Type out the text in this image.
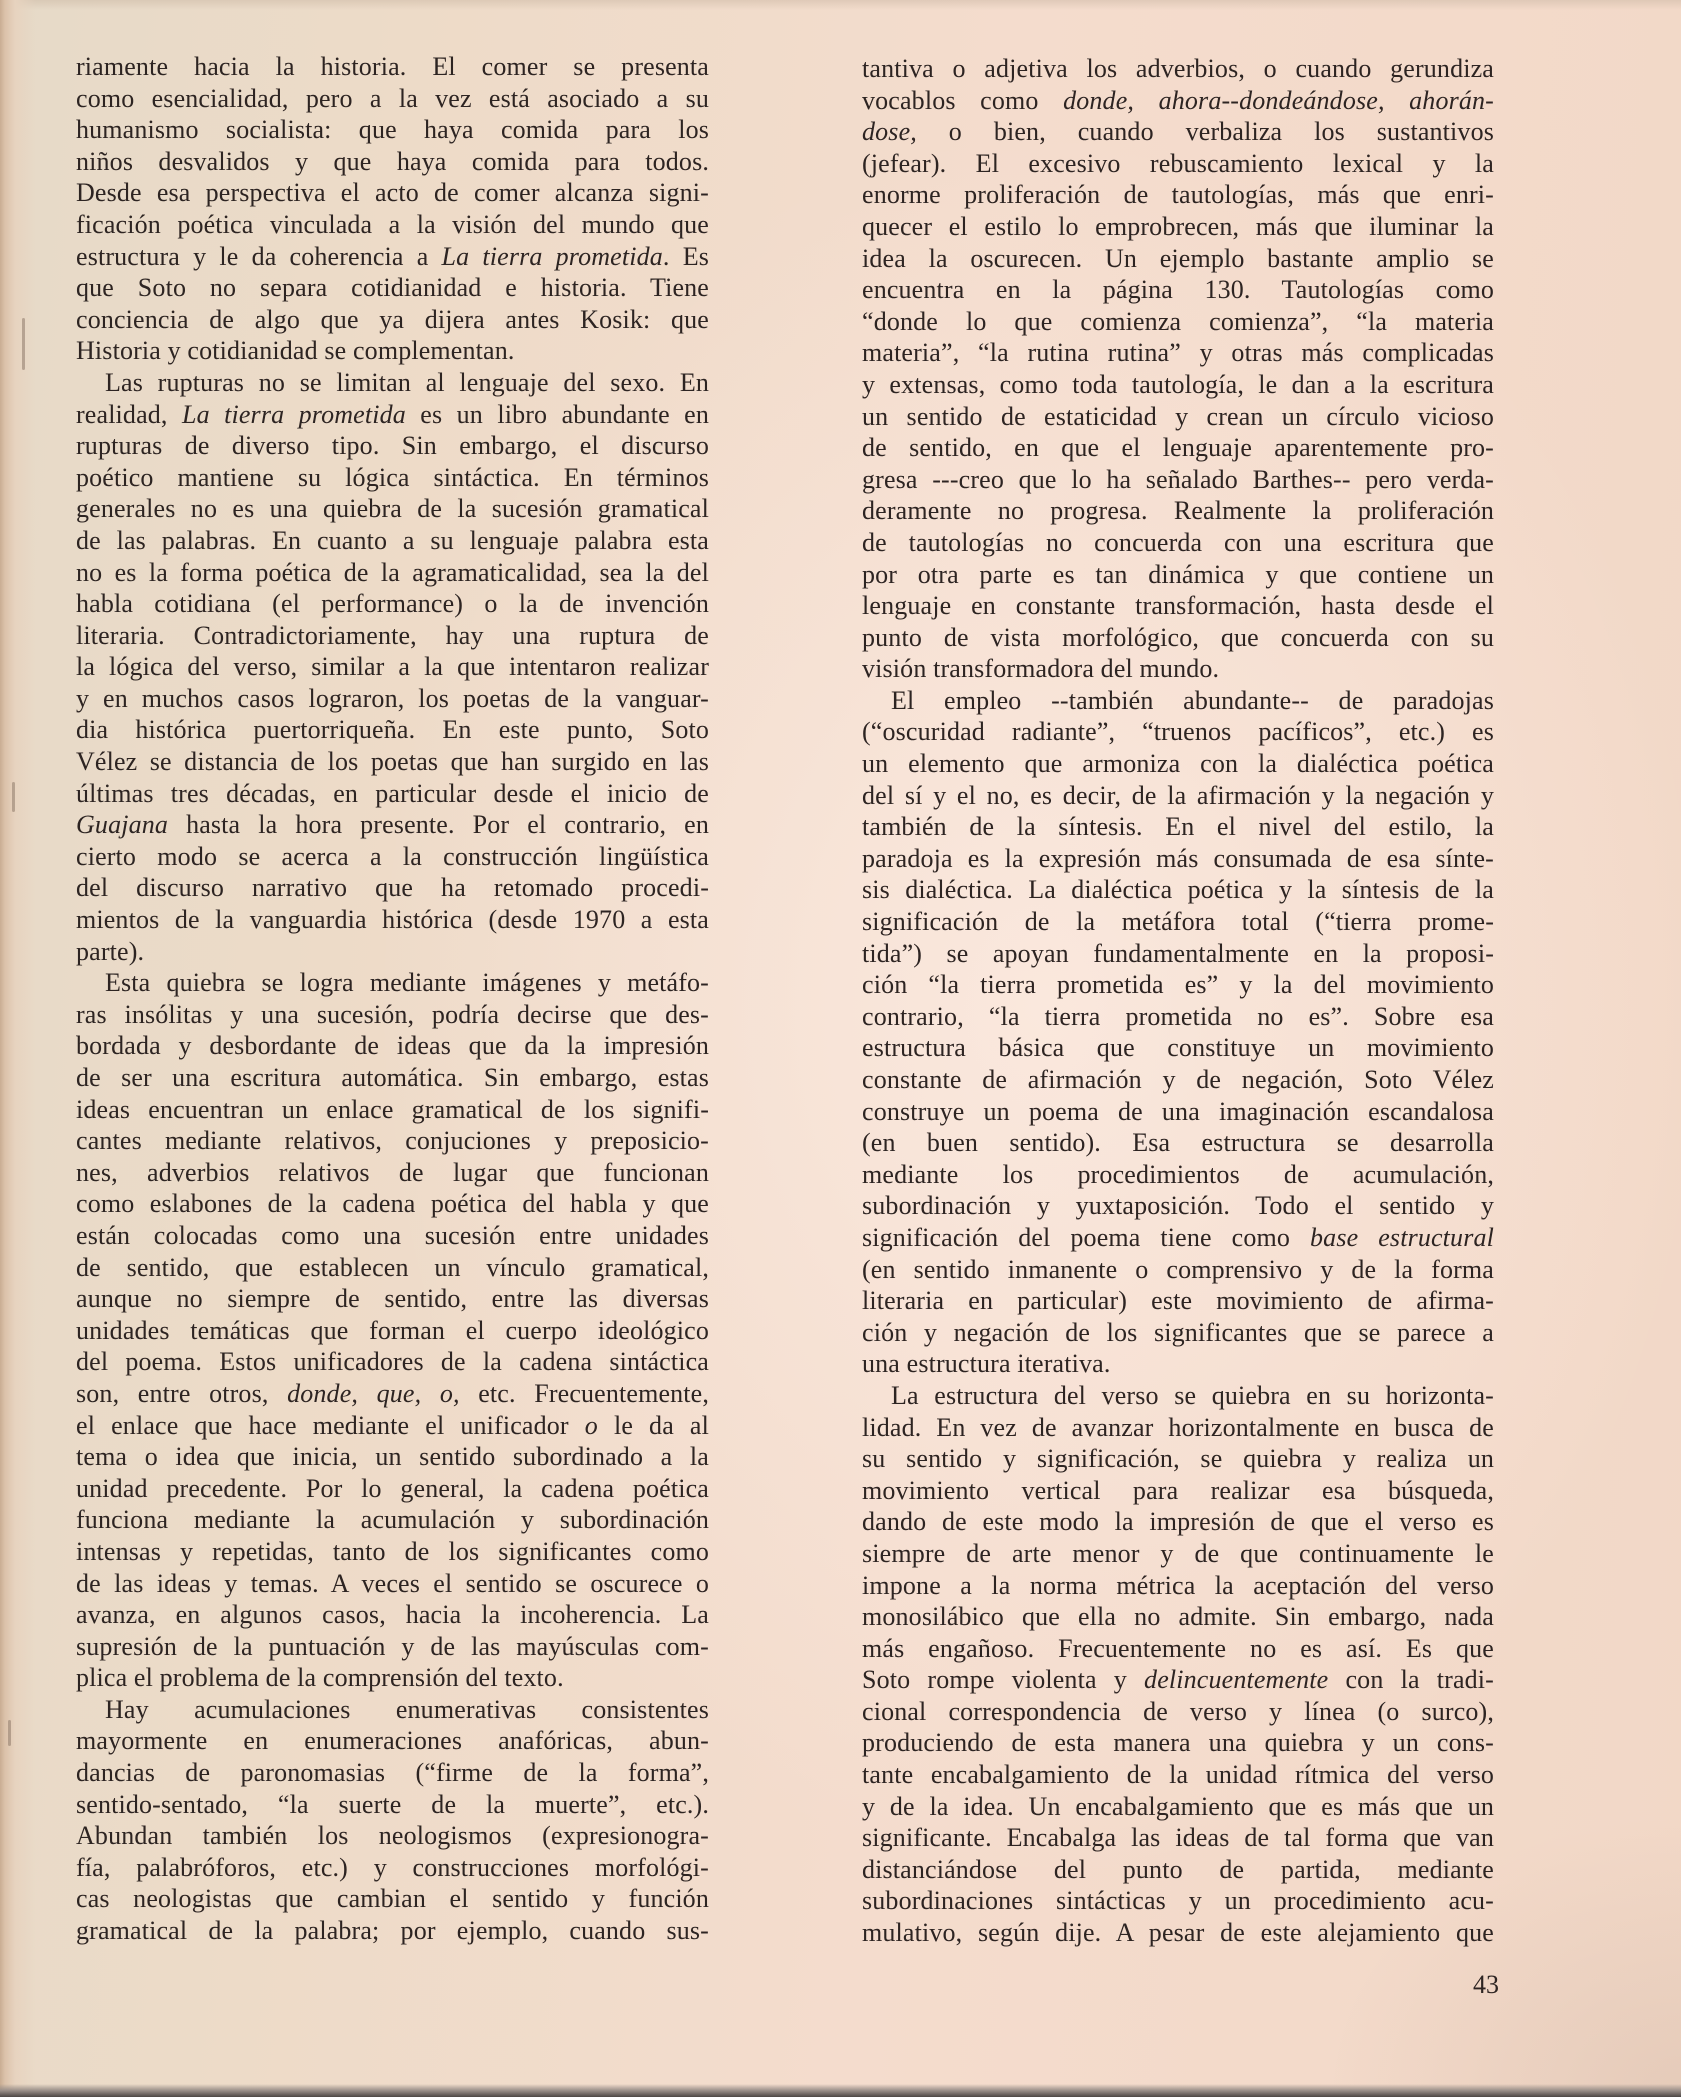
riamente hacia la historia. El comer se presenta
como esencialidad, pero a la vez está asociado a su
humanismo socialista: que haya comida para los
niños desvalidos y que haya comida para todos.
Desde esa perspectiva el acto de comer alcanza signi-
ficación poética vinculada a la visión del mundo que
estructura y le da coherencia a La tierra prometida. Es
que Soto no separa cotidianidad e historia. Tiene
conciencia de algo que ya dijera antes Kosik: que
Historia y cotidianidad se complementan.
Las rupturas no se limitan al lenguaje del sexo. En
realidad, La tierra prometida es un libro abundante en
rupturas de diverso tipo. Sin embargo, el discurso
poético mantiene su lógica sintáctica. En términos
generales no es una quiebra de la sucesión gramatical
de las palabras. En cuanto a su lenguaje palabra esta
no es la forma poética de la agramaticalidad, sea la del
habla cotidiana (el performance) o la de invención
literaria. Contradictoriamente, hay una ruptura de
la lógica del verso, similar a la que intentaron realizar
y en muchos casos lograron, los poetas de la vanguar-
dia histórica puertorriqueña. En este punto, Soto
Vélez se distancia de los poetas que han surgido en las
últimas tres décadas, en particular desde el inicio de
Guajana hasta la hora presente. Por el contrario, en
cierto modo se acerca a la construcción lingüística
del discurso narrativo que ha retomado procedi-
mientos de la vanguardia histórica (desde 1970 a esta
parte).
Esta quiebra se logra mediante imágenes y metáfo-
ras insólitas y una sucesión, podría decirse que des-
bordada y desbordante de ideas que da la impresión
de ser una escritura automática. Sin embargo, estas
ideas encuentran un enlace gramatical de los signifi-
cantes mediante relativos, conjuciones y preposicio-
nes, adverbios relativos de lugar que funcionan
como eslabones de la cadena poética del habla y que
están colocadas como una sucesión entre unidades
de sentido, que establecen un vínculo gramatical,
aunque no siempre de sentido, entre las diversas
unidades temáticas que forman el cuerpo ideológico
del poema. Estos unificadores de la cadena sintáctica
son, entre otros, donde, que, o, etc. Frecuentemente,
el enlace que hace mediante el unificador o le da al
tema o idea que inicia, un sentido subordinado a la
unidad precedente. Por lo general, la cadena poética
funciona mediante la acumulación y subordinación
intensas y repetidas, tanto de los significantes como
de las ideas y temas. A veces el sentido se oscurece o
avanza, en algunos casos, hacia la incoherencia. La
supresión de la puntuación y de las mayúsculas com-
plica el problema de la comprensión del texto.
Hay acumulaciones enumerativas consistentes
mayormente en enumeraciones anafóricas, abun-
dancias de paronomasias (“firme de la forma”,
sentido-sentado, “la suerte de la muerte”, etc.).
Abundan también los neologismos (expresionogra-
fía, palabróforos, etc.) y construcciones morfológi-
cas neologistas que cambian el sentido y función
gramatical de la palabra; por ejemplo, cuando sus-
tantiva o adjetiva los adverbios, o cuando gerundiza
vocablos como donde, ahora--dondeándose, ahorán-
dose, o bien, cuando verbaliza los sustantivos
(jefear). El excesivo rebuscamiento lexical y la
enorme proliferación de tautologías, más que enri-
quecer el estilo lo emprobrecen, más que iluminar la
idea la oscurecen. Un ejemplo bastante amplio se
encuentra en la página 130. Tautologías como
“donde lo que comienza comienza”, “la materia
materia”, “la rutina rutina” y otras más complicadas
y extensas, como toda tautología, le dan a la escritura
un sentido de estaticidad y crean un círculo vicioso
de sentido, en que el lenguaje aparentemente pro-
gresa ---creo que lo ha señalado Barthes-- pero verda-
deramente no progresa. Realmente la proliferación
de tautologías no concuerda con una escritura que
por otra parte es tan dinámica y que contiene un
lenguaje en constante transformación, hasta desde el
punto de vista morfológico, que concuerda con su
visión transformadora del mundo.
El empleo --también abundante-- de paradojas
(“oscuridad radiante”, “truenos pacíficos”, etc.) es
un elemento que armoniza con la dialéctica poética
del sí y el no, es decir, de la afirmación y la negación y
también de la síntesis. En el nivel del estilo, la
paradoja es la expresión más consumada de esa sínte-
sis dialéctica. La dialéctica poética y la síntesis de la
significación de la metáfora total (“tierra prome-
tida”) se apoyan fundamentalmente en la proposi-
ción “la tierra prometida es” y la del movimiento
contrario, “la tierra prometida no es”. Sobre esa
estructura básica que constituye un movimiento
constante de afirmación y de negación, Soto Vélez
construye un poema de una imaginación escandalosa
(en buen sentido). Esa estructura se desarrolla
mediante los procedimientos de acumulación,
subordinación y yuxtaposición. Todo el sentido y
significación del poema tiene como base estructural
(en sentido inmanente o comprensivo y de la forma
literaria en particular) este movimiento de afirma-
ción y negación de los significantes que se parece a
una estructura iterativa.
La estructura del verso se quiebra en su horizonta-
lidad. En vez de avanzar horizontalmente en busca de
su sentido y significación, se quiebra y realiza un
movimiento vertical para realizar esa búsqueda,
dando de este modo la impresión de que el verso es
siempre de arte menor y de que continuamente le
impone a la norma métrica la aceptación del verso
monosilábico que ella no admite. Sin embargo, nada
más engañoso. Frecuentemente no es así. Es que
Soto rompe violenta y delincuentemente con la tradi-
cional correspondencia de verso y línea (o surco),
produciendo de esta manera una quiebra y un cons-
tante encabalgamiento de la unidad rítmica del verso
y de la idea. Un encabalgamiento que es más que un
significante. Encabalga las ideas de tal forma que van
distanciándose del punto de partida, mediante
subordinaciones sintácticas y un procedimiento acu-
mulativo, según dije. A pesar de este alejamiento que
43
